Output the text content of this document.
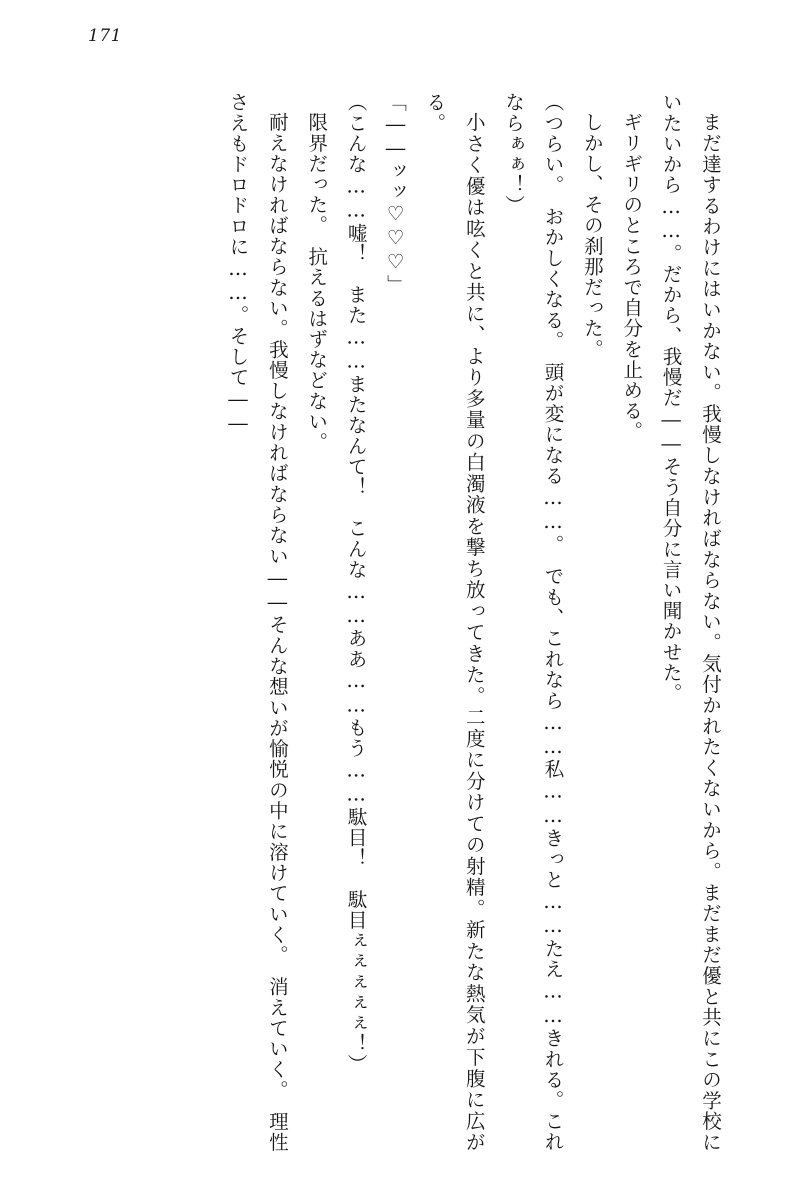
171

まだ達するわけにはいかない。我慢しなければならない。気付かれたくないから。まだまだ優と共にこの学校にいたいから……。だから、我慢だ――そう自分に言い聞かせた。

ギリギリのところで自分を止める。

しかし、その刹那だった。

（つらい。　おかしくなる。　頭が変になる……。　でも、これなら……私……きっと……たえ……きれる。これならぁぁ！）

小さく優は呟くと共に、より多量の白濁液を撃ち放ってきた。二度に分けての射精。新たな熱気が下腹に広がる。

「――ッッ♡♡♡」

（こんな……嘘！　また……またなんて！　こんな……ああ……もう……駄目！　駄目ぇぇぇぇぇ！）

限界だった。　抗えるはずなどない。

耐えなければならない。我慢しなければならない――そんな想いが愉悦の中に溶けていく。　消えていく。　理性さえもドロドロに……。そして――
